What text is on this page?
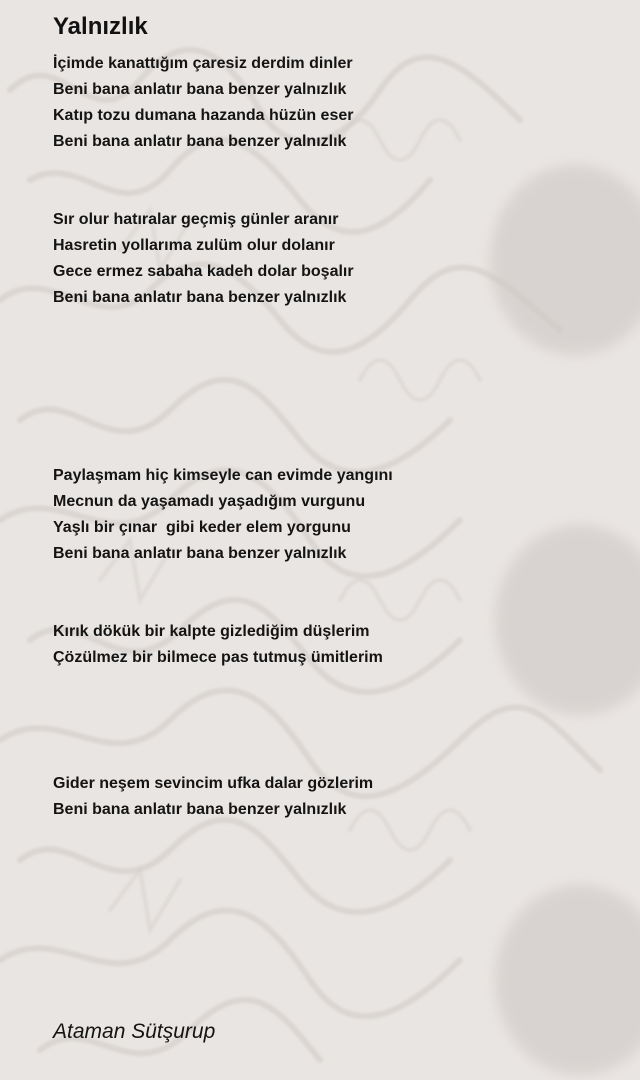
Yalnızlık
İçimde kanattığım çaresiz derdim dinler
Beni bana anlatır bana benzer yalnızlık
Katıp tozu dumana hazanda hüzün eser
Beni bana anlatır bana benzer yalnızlık
Sır olur hatıralar geçmiş günler aranır
Hasretin yollarıma zulüm olur dolanır
Gece ermez sabaha kadeh dolar boşalır
Beni bana anlatır bana benzer yalnızlık
Paylaşmam hiç kimseyle can evimde yangını
Mecnun da yaşamadı yaşadığım vurgunu
Yaşlı bir çınar  gibi keder elem yorgunu
Beni bana anlatır bana benzer yalnızlık
Kırık dökük bir kalpte gizlediğim düşlerim
Çözülmez bir bilmece pas tutmuş ümitlerim
Gider neşem sevincim ufka dalar gözlerim
Beni bana anlatır bana benzer yalnızlık

Ataman Sütşurup
